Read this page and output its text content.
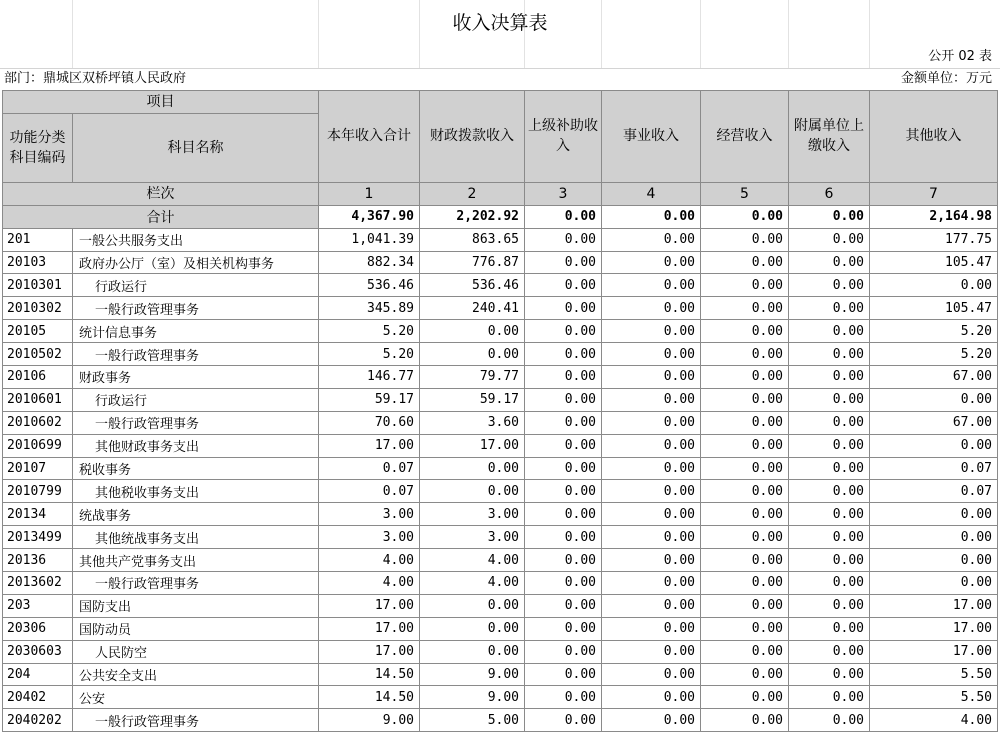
收入决算表
公开 02 表
部门：鼎城区双桥坪镇人民政府	金额单位：万元
项目		本年收入合计	财政拨款收入	上级补助收入	事业收入	经营收入	附属单位上缴收入	其他收入
功能分类科目编码	科目名称							
栏次		1	2	3	4	5	6	7
合计		4,367.90	2,202.92	0.00	0.00	0.00	0.00	2,164.98
201	一般公共服务支出	1,041.39	863.65	0.00	0.00	0.00	0.00	177.75
20103	政府办公厅（室）及相关机构事务	882.34	776.87	0.00	0.00	0.00	0.00	105.47
2010301	行政运行	536.46	536.46	0.00	0.00	0.00	0.00	0.00
2010302	一般行政管理事务	345.89	240.41	0.00	0.00	0.00	0.00	105.47
20105	统计信息事务	5.20	0.00	0.00	0.00	0.00	0.00	5.20
2010502	一般行政管理事务	5.20	0.00	0.00	0.00	0.00	0.00	5.20
20106	财政事务	146.77	79.77	0.00	0.00	0.00	0.00	67.00
2010601	行政运行	59.17	59.17	0.00	0.00	0.00	0.00	0.00
2010602	一般行政管理事务	70.60	3.60	0.00	0.00	0.00	0.00	67.00
2010699	其他财政事务支出	17.00	17.00	0.00	0.00	0.00	0.00	0.00
20107	税收事务	0.07	0.00	0.00	0.00	0.00	0.00	0.07
2010799	其他税收事务支出	0.07	0.00	0.00	0.00	0.00	0.00	0.07
20134	统战事务	3.00	3.00	0.00	0.00	0.00	0.00	0.00
2013499	其他统战事务支出	3.00	3.00	0.00	0.00	0.00	0.00	0.00
20136	其他共产党事务支出	4.00	4.00	0.00	0.00	0.00	0.00	0.00
2013602	一般行政管理事务	4.00	4.00	0.00	0.00	0.00	0.00	0.00
203	国防支出	17.00	0.00	0.00	0.00	0.00	0.00	17.00
20306	国防动员	17.00	0.00	0.00	0.00	0.00	0.00	17.00
2030603	人民防空	17.00	0.00	0.00	0.00	0.00	0.00	17.00
204	公共安全支出	14.50	9.00	0.00	0.00	0.00	0.00	5.50
20402	公安	14.50	9.00	0.00	0.00	0.00	0.00	5.50
2040202	一般行政管理事务	9.00	5.00	0.00	0.00	0.00	0.00	4.00
